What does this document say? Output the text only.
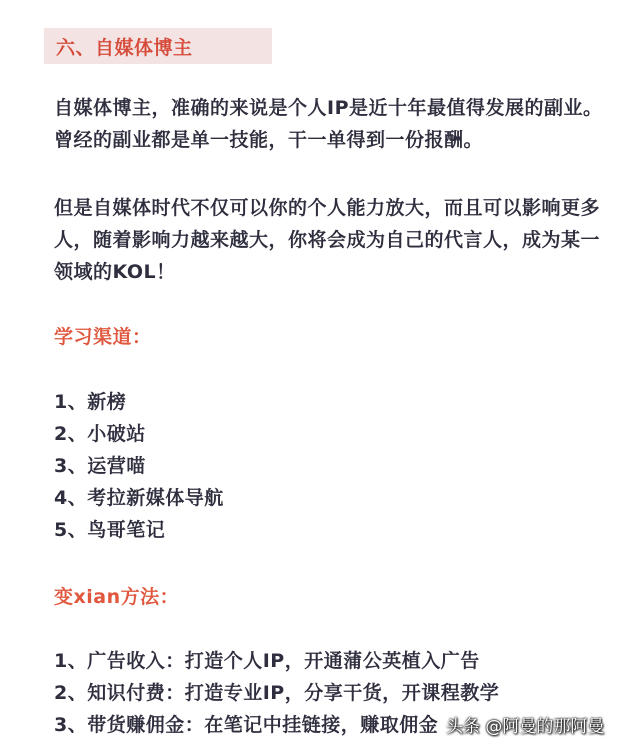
六、自媒体博主

自媒体博主，准确的来说是个人IP是近十年最值得发展的副业。曾经的副业都是单一技能，干一单得到一份报酬。

但是自媒体时代不仅可以你的个人能力放大，而且可以影响更多人，随着影响力越来越大，你将会成为自己的代言人，成为某一领域的KOL！

学习渠道：
1、新榜
2、小破站
3、运营喵
4、考拉新媒体导航
5、鸟哥笔记
变xian方法：
1、广告收入：打造个人IP，开通蒲公英植入广告
2、知识付费：打造专业IP，分享干货，开课程教学
3、带货赚佣金：在笔记中挂链接，赚取佣金 头条 @阿曼的那阿曼
